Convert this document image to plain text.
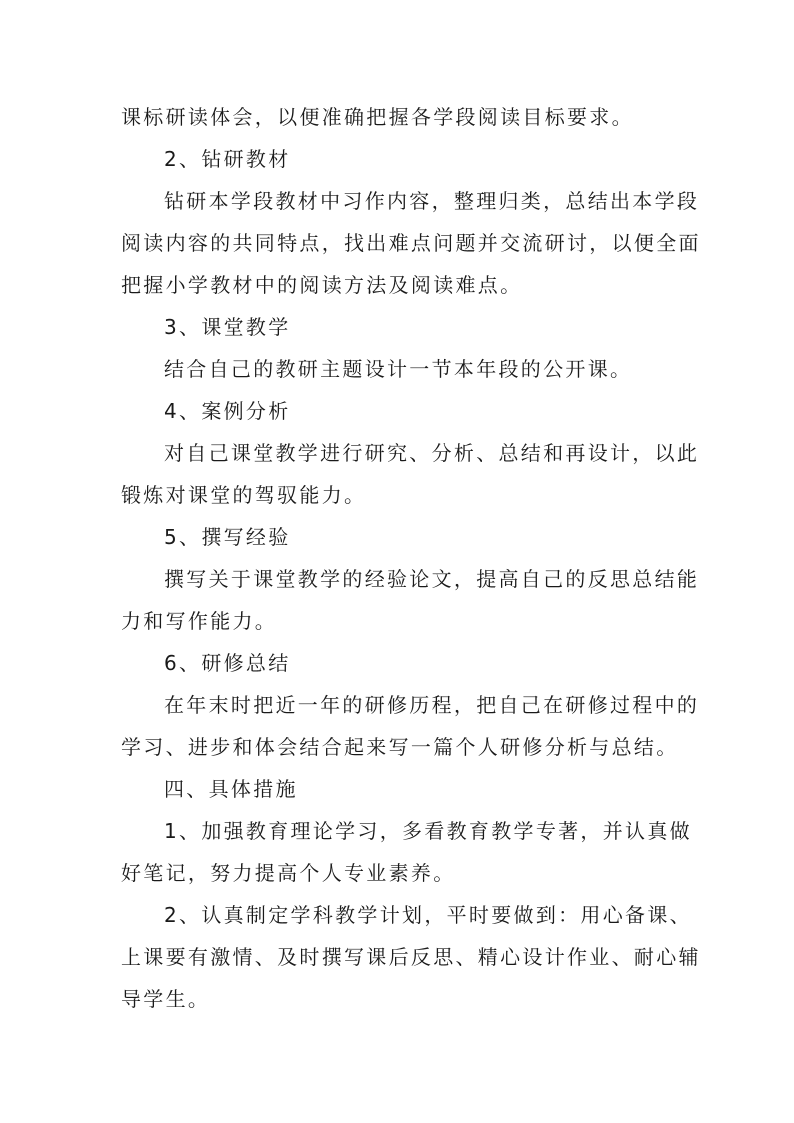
课标研读体会，以便准确把握各学段阅读目标要求。
2、钻研教材
钻研本学段教材中习作内容，整理归类，总结出本学段
阅读内容的共同特点，找出难点问题并交流研讨，以便全面
把握小学教材中的阅读方法及阅读难点。
3、课堂教学
结合自己的教研主题设计一节本年段的公开课。
4、案例分析
对自己课堂教学进行研究、分析、总结和再设计，以此
锻炼对课堂的驾驭能力。
5、撰写经验
撰写关于课堂教学的经验论文，提高自己的反思总结能
力和写作能力。
6、研修总结
在年末时把近一年的研修历程，把自己在研修过程中的
学习、进步和体会结合起来写一篇个人研修分析与总结。
四、具体措施
1、加强教育理论学习，多看教育教学专著，并认真做
好笔记，努力提高个人专业素养。
2、认真制定学科教学计划，平时要做到：用心备课、
上课要有激情、及时撰写课后反思、精心设计作业、耐心辅
导学生。
